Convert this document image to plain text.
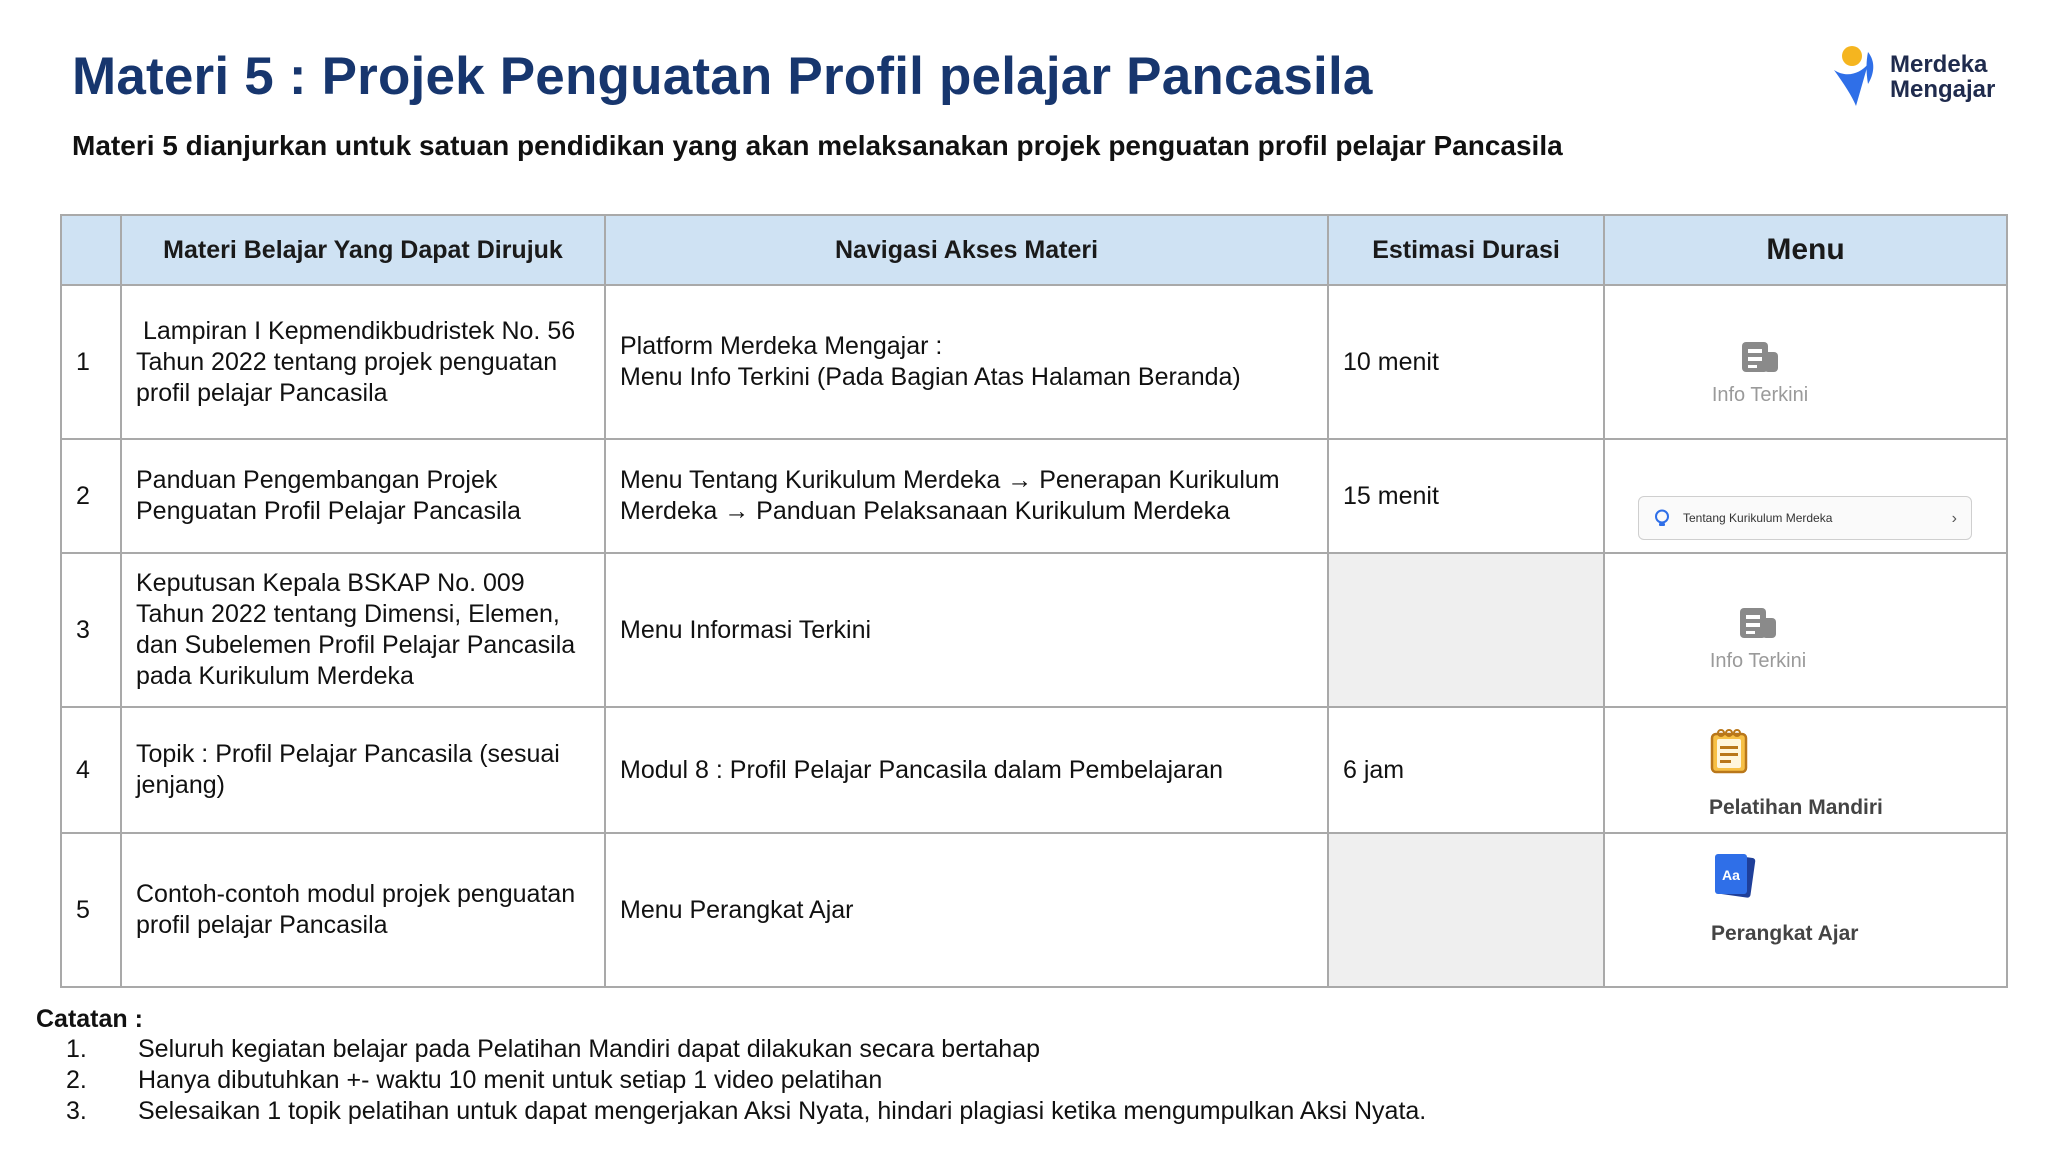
Materi 5 : Projek Penguatan Profil pelajar Pancasila
Materi 5 dianjurkan untuk satuan pendidikan yang akan melaksanakan projek penguatan profil pelajar Pancasila
Merdeka
Mengajar
	Materi Belajar Yang Dapat Dirujuk	Navigasi Akses Materi	Estimasi Durasi	Menu
1	Lampiran I Kepmendikbudristek No. 56 Tahun 2022 tentang projek penguatan profil pelajar Pancasila	Platform Merdeka Mengajar :
Menu Info Terkini (Pada Bagian Atas Halaman Beranda)	10 menit	Info Terkini

2	Panduan Pengembangan Projek Penguatan Profil Pelajar Pancasila	Menu Tentang Kurikulum Merdeka → Penerapan Kurikulum Merdeka → Panduan Pelaksanaan Kurikulum Merdeka	15 menit	Tentang Kurikulum Merdeka ›

3	Keputusan Kepala BSKAP No. 009 Tahun 2022 tentang Dimensi, Elemen, dan Subelemen Profil Pelajar Pancasila pada Kurikulum Merdeka	Menu Informasi Terkini		Info Terkini

4	Topik : Profil Pelajar Pancasila (sesuai jenjang)	Modul 8 : Profil Pelajar Pancasila dalam Pembelajaran	6 jam	Pelatihan Mandiri

5	Contoh-contoh modul projek penguatan profil pelajar Pancasila	Menu Perangkat Ajar		Aa
Perangkat Ajar
Catatan :
1.	Seluruh kegiatan belajar pada Pelatihan Mandiri dapat dilakukan secara bertahap
2.	Hanya dibutuhkan +- waktu 10 menit untuk setiap 1 video pelatihan
3.	Selesaikan 1 topik pelatihan untuk dapat mengerjakan Aksi Nyata, hindari plagiasi ketika mengumpulkan Aksi Nyata.
